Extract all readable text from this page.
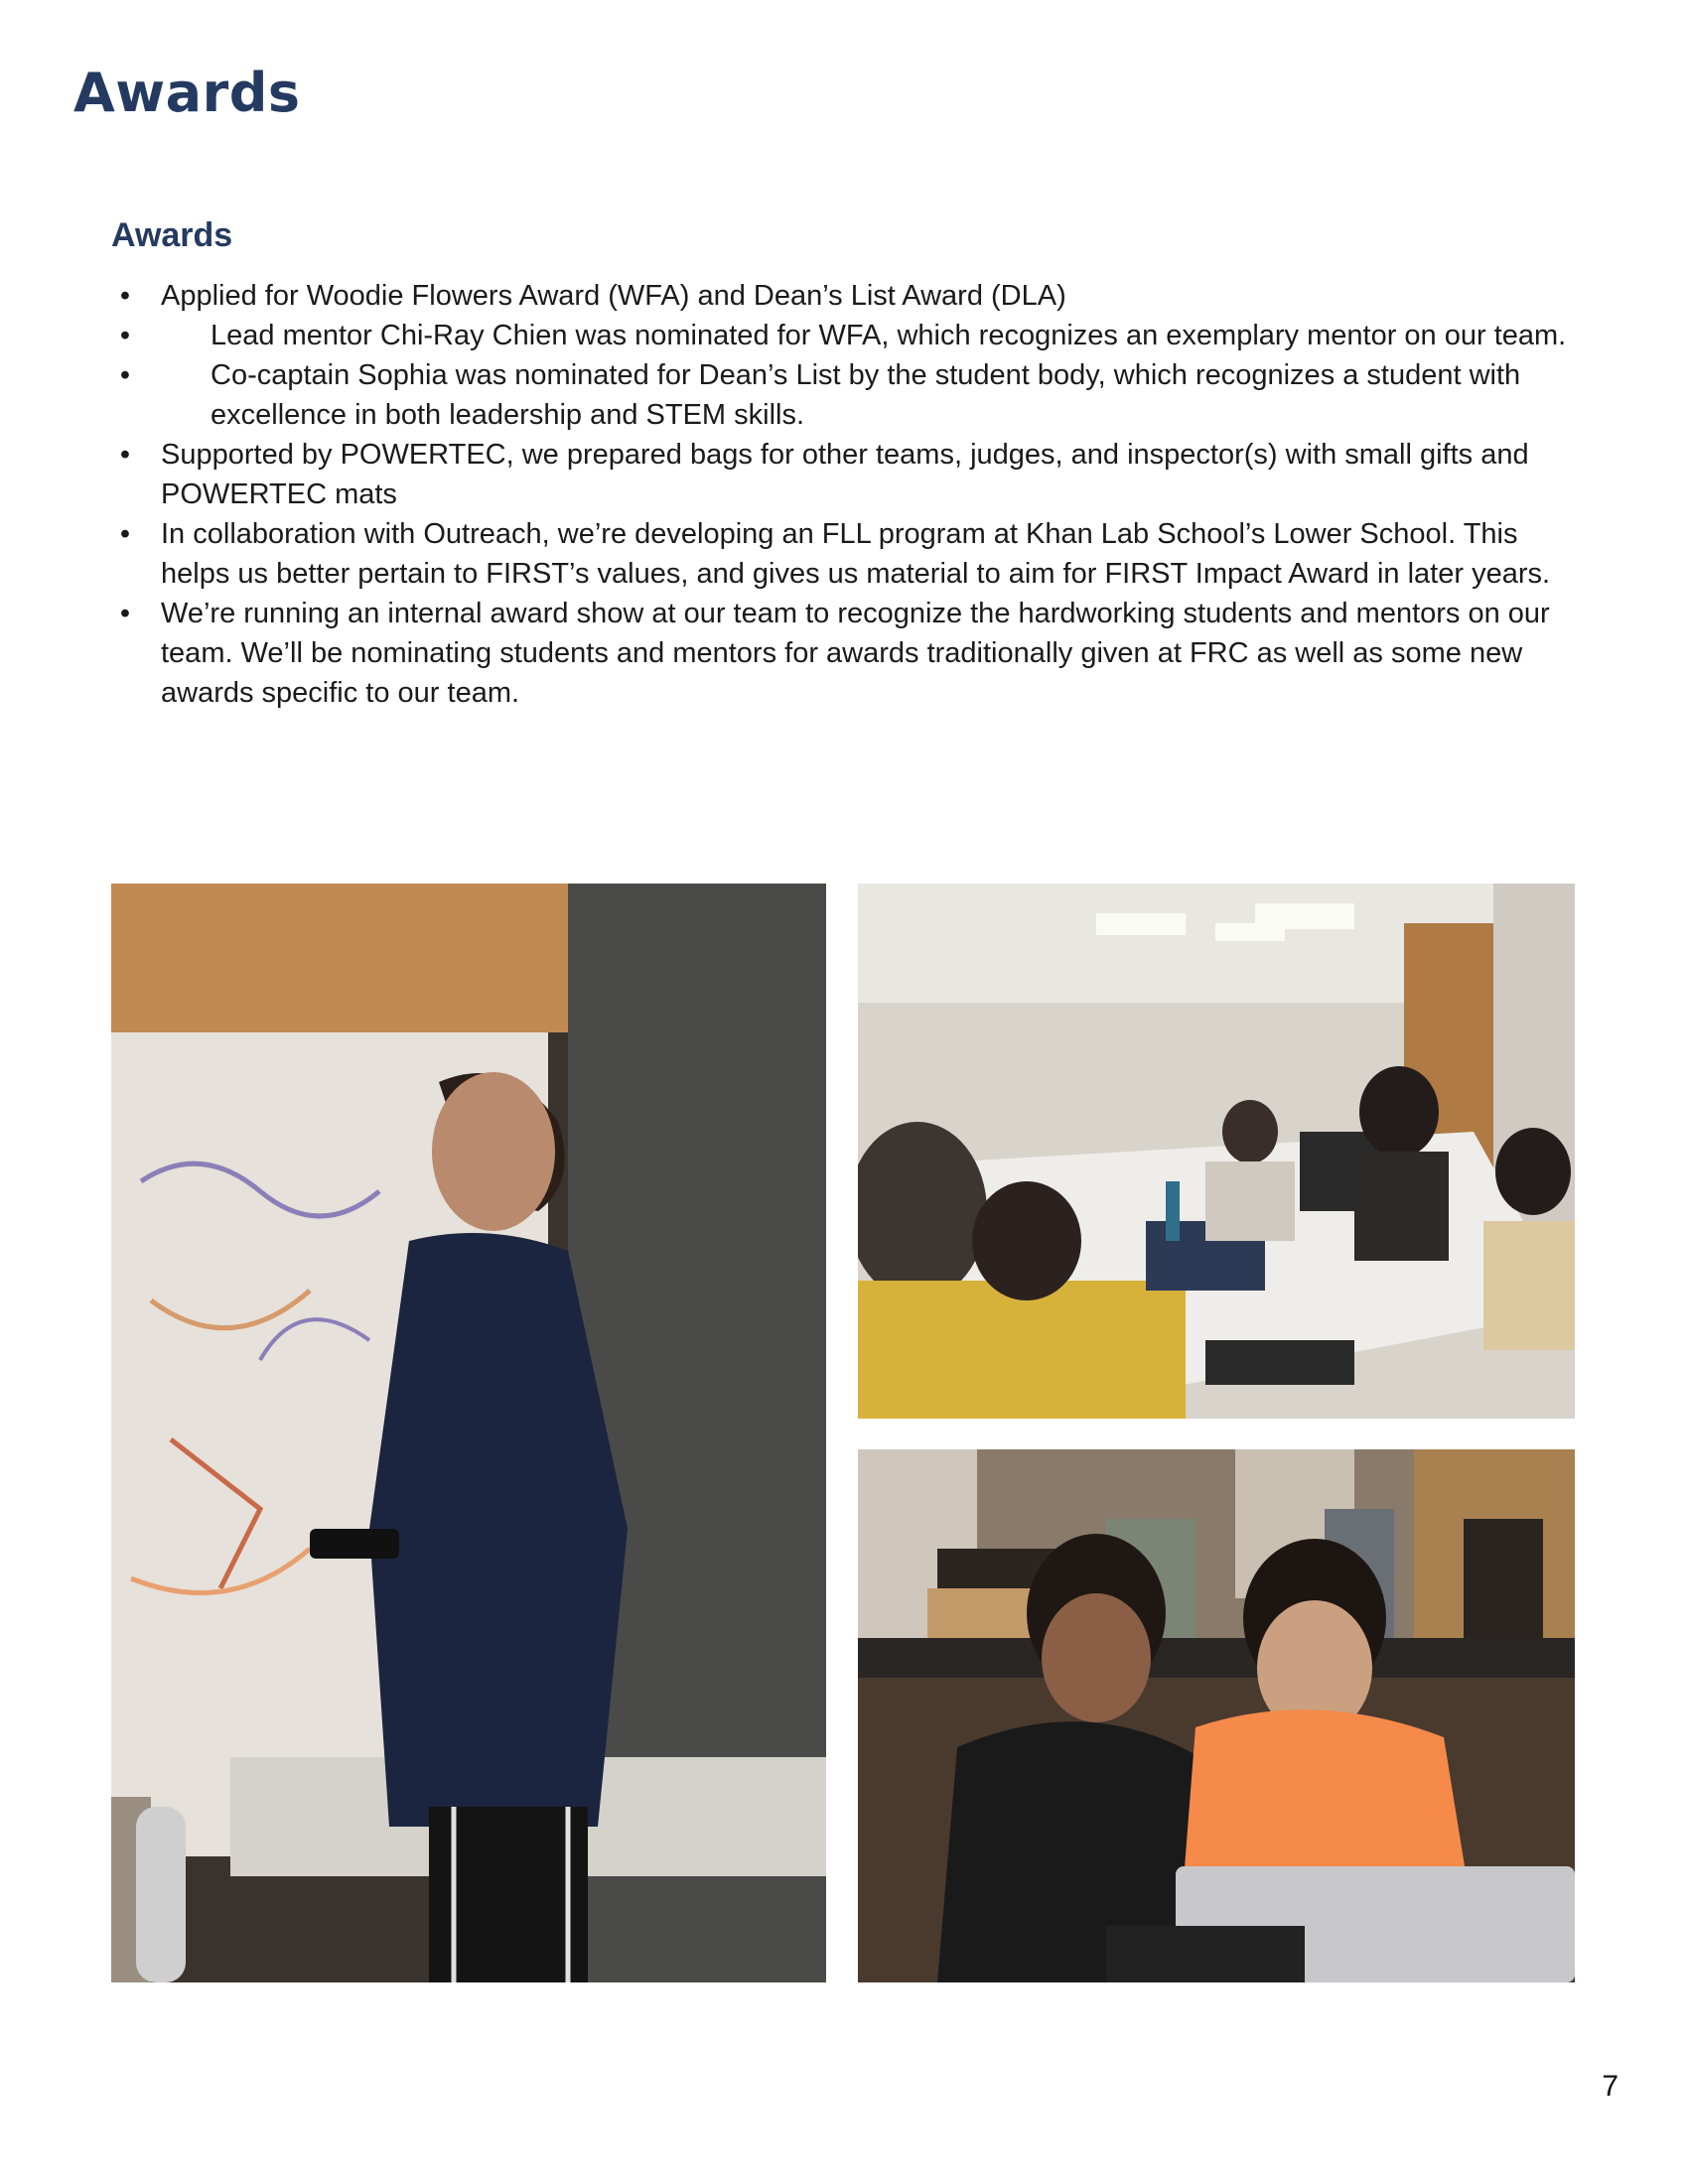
Awards
Awards
• Applied for Woodie Flowers Award (WFA) and Dean’s List Award (DLA)
•	Lead mentor Chi-Ray Chien was nominated for WFA, which recognizes an exemplary mentor on our team.
•	Co-captain Sophia was nominated for Dean’s List by the student body, which recognizes a student with excellence in both leadership and STEM skills.
• Supported by POWERTEC, we prepared bags for other teams, judges, and inspector(s) with small gifts and POWERTEC mats
• In collaboration with Outreach, we’re developing an FLL program at Khan Lab School’s Lower School. This helps us better pertain to FIRST’s values, and gives us material to aim for FIRST Impact Award in later years.
• We’re running an internal award show at our team to recognize the hardworking students and mentors on our team. We’ll be nominating students and mentors for awards traditionally given at FRC as well as some new awards specific to our team.
7
